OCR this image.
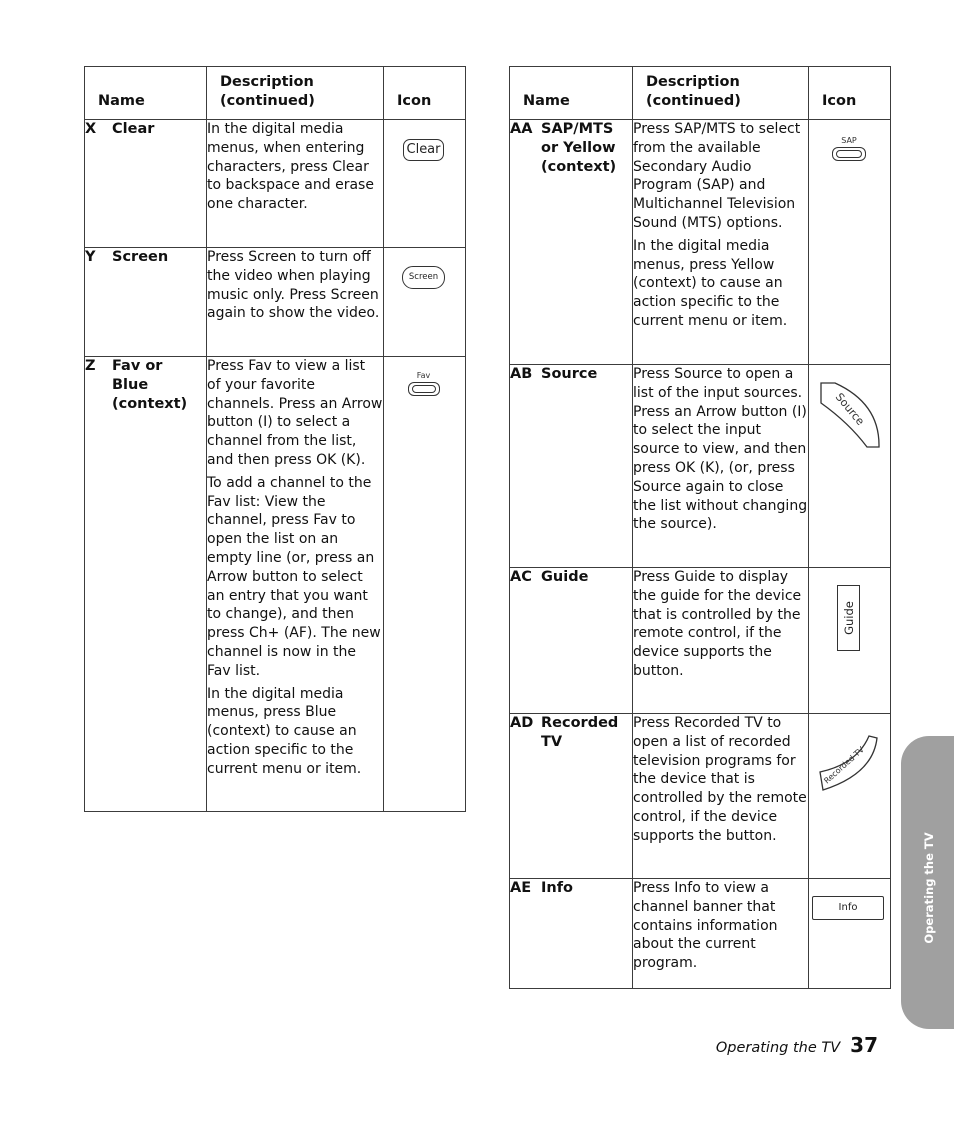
Name	Description (continued)	Icon
X Clear	In the digital media menus, when entering characters, press Clear to backspace and erase one character.	Clear

Y Screen	Press Screen to turn off the video when playing music only. Press Screen again to show the video.	Screen

Z Fav or Blue (context)	Press Fav to view a list of your favorite channels. Press an Arrow button (I) to select a channel from the list, and then press OK (K).

To add a channel to the Fav list: View the channel, press Fav to open the list on an empty line (or, press an Arrow button to select an entry that you want to change), and then press Ch+ (AF). The new channel is now in the Fav list.

In the digital media menus, press Blue (context) to cause an action specific to the current menu or item.	Fav
Name	Description (continued)	Icon
AA SAP/MTS or Yellow (context)	Press SAP/MTS to select from the available Secondary Audio Program (SAP) and Multichannel Television Sound (MTS) options.

In the digital media menus, press Yellow (context) to cause an action specific to the current menu or item.	SAP

AB Source	Press Source to open a list of the input sources. Press an Arrow button (I) to select the input source to view, and then press OK (K), (or, press Source again to close the list without changing the source).	Source

AC Guide	Press Guide to display the guide for the device that is controlled by the remote control, if the device supports the button.	Guide

AD Recorded TV	Press Recorded TV to open a list of recorded television programs for the device that is controlled by the remote control, if the device supports the button.	Recorded TV

AE Info	Press Info to view a channel banner that contains information about the current program.	Info	Operating the TV
Operating the TV 37
